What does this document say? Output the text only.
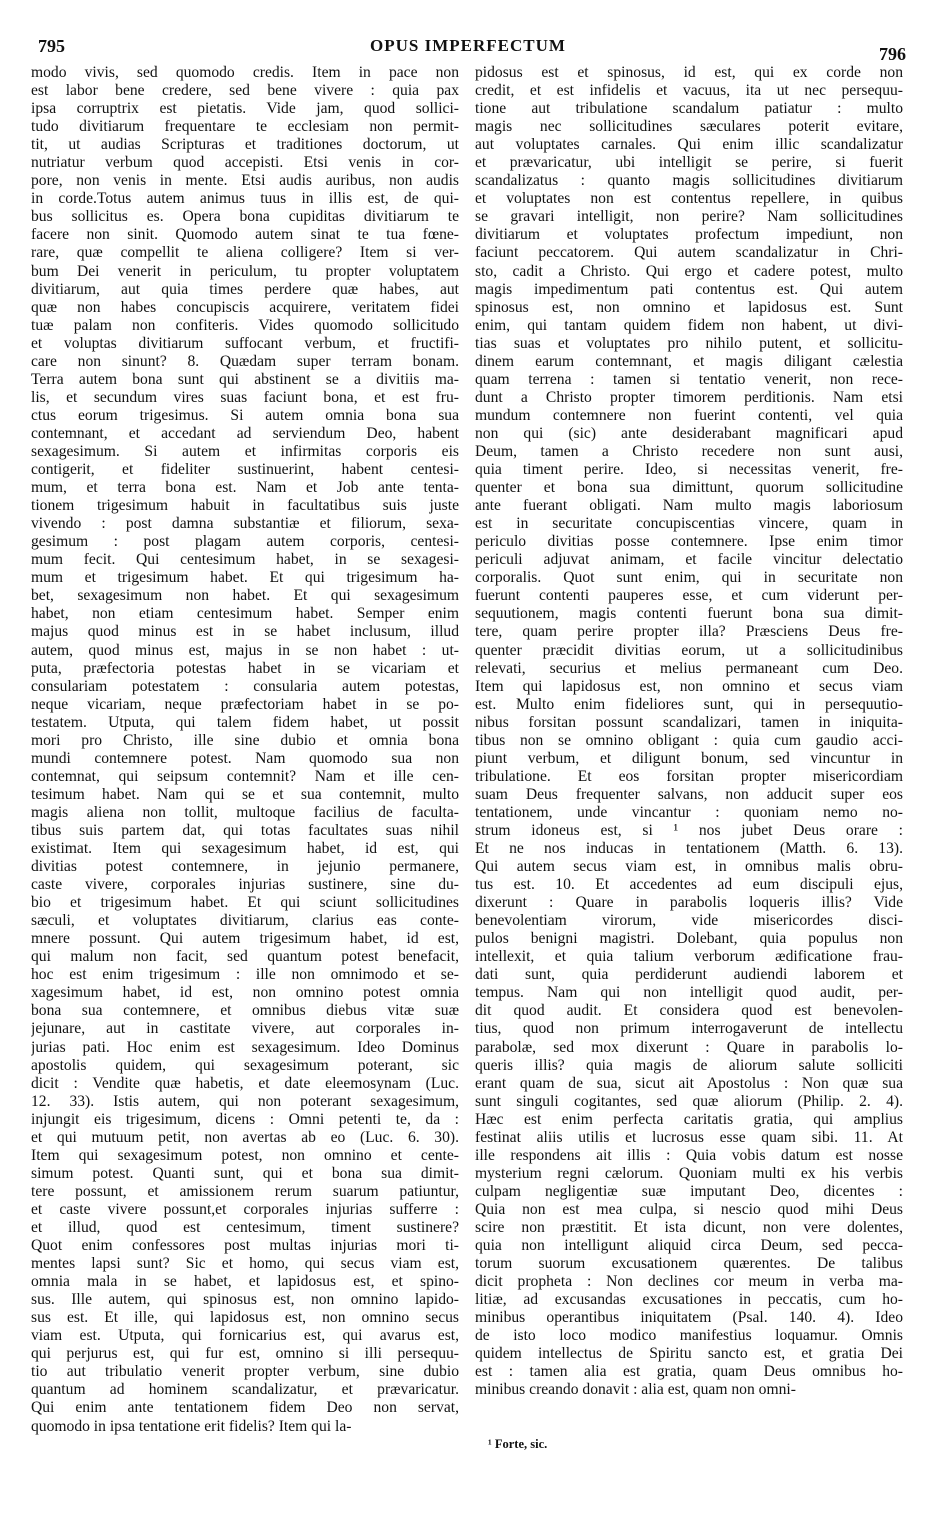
795	OPUS IMPERFECTUM	796
modo vivis, sed quomodo credis. Item in pace non
est labor bene credere, sed bene vivere : quia pax
ipsa corruptrix est pietatis. Vide jam, quod sollici-
tudo divitiarum frequentare te ecclesiam non permit-
tit, ut audias Scripturas et traditiones doctorum, ut
nutriatur verbum quod accepisti. Etsi venis in cor-
pore, non venis in mente. Etsi audis auribus, non audis
in corde.Totus autem animus tuus in illis est, de qui-
bus sollicitus es. Opera bona cupiditas divitiarum te
facere non sinit. Quomodo autem sinat te tua fœne-
rare, quæ compellit te aliena colligere? Item si ver-
bum Dei venerit in periculum, tu propter voluptatem
divitiarum, aut quia times perdere quæ habes, aut
quæ non habes concupiscis acquirere, veritatem fidei
tuæ palam non confiteris. Vides quomodo sollicitudo
et voluptas divitiarum suffocant verbum, et fructifi-
care non sinunt? 8. Quædam super terram bonam.
Terra autem bona sunt qui abstinent se a divitiis ma-
lis, et secundum vires suas faciunt bona, et est fru-
ctus eorum trigesimus. Si autem omnia bona sua
contemnant, et accedant ad serviendum Deo, habent
sexagesimum. Si autem et infirmitas corporis eis
contigerit, et fideliter sustinuerint, habent centesi-
mum, et terra bona est. Nam et Job ante tenta-
tionem trigesimum habuit in facultatibus suis juste
vivendo : post damna substantiæ et filiorum, sexa-
gesimum : post plagam autem corporis, centesi-
mum fecit. Qui centesimum habet, in se sexagesi-
mum et trigesimum habet. Et qui trigesimum ha-
bet, sexagesimum non habet. Et qui sexagesimum
habet, non etiam centesimum habet. Semper enim
majus quod minus est in se habet inclusum, illud
autem, quod minus est, majus in se non habet : ut-
puta, præfectoria potestas habet in se vicariam et
consulariam potestatem : consularia autem potestas,
neque vicariam, neque præfectoriam habet in se po-
testatem. Utputa, qui talem fidem habet, ut possit
mori pro Christo, ille sine dubio et omnia bona
mundi contemnere potest. Nam quomodo sua non
contemnat, qui seipsum contemnit? Nam et ille cen-
tesimum habet. Nam qui se et sua contemnit, multo
magis aliena non tollit, multoque facilius de faculta-
tibus suis partem dat, qui totas facultates suas nihil
existimat. Item qui sexagesimum habet, id est, qui
divitias potest contemnere, in jejunio permanere,
caste vivere, corporales injurias sustinere, sine du-
bio et trigesimum habet. Et qui sciunt sollicitudines
sæculi, et voluptates divitiarum, clarius eas conte-
mnere possunt. Qui autem trigesimum habet, id est,
qui malum non facit, sed quantum potest benefacit,
hoc est enim trigesimum : ille non omnimodo et se-
xagesimum habet, id est, non omnino potest omnia
bona sua contemnere, et omnibus diebus vitæ suæ
jejunare, aut in castitate vivere, aut corporales in-
jurias pati. Hoc enim est sexagesimum. Ideo Dominus
apostolis quidem, qui sexagesimum poterant, sic
dicit : Vendite quæ habetis, et date eleemosynam (Luc.
12. 33). Istis autem, qui non poterant sexagesimum,
injungit eis trigesimum, dicens : Omni petenti te, da :
et qui mutuum petit, non avertas ab eo (Luc. 6. 30).
Item qui sexagesimum potest, non omnino et cente-
simum potest. Quanti sunt, qui et bona sua dimit-
tere possunt, et amissionem rerum suarum patiuntur,
et caste vivere possunt,et corporales injurias sufferre :
et illud, quod est centesimum, timent sustinere?
Quot enim confessores post multas injurias mori ti-
mentes lapsi sunt? Sic et homo, qui secus viam est,
omnia mala in se habet, et lapidosus est, et spino-
sus. Ille autem, qui spinosus est, non omnino lapido-
sus est. Et ille, qui lapidosus est, non omnino secus
viam est. Utputa, qui fornicarius est, qui avarus est,
qui perjurus est, qui fur est, omnino si illi persequu-
tio aut tribulatio venerit propter verbum, sine dubio
quantum ad hominem scandalizatur, et prævaricatur.
Qui enim ante tentationem fidem Deo non servat,
quomodo in ipsa tentatione erit fidelis? Item qui la-
pidosus est et spinosus, id est, qui ex corde non
credit, et est infidelis et vacuus, ita ut nec persequu-
tione aut tribulatione scandalum patiatur : multo
magis nec sollicitudines sæculares poterit evitare,
aut voluptates carnales. Qui enim illic scandalizatur
et prævaricatur, ubi intelligit se perire, si fuerit
scandalizatus : quanto magis sollicitudines divitiarum
et voluptates non est contentus repellere, in quibus
se gravari intelligit, non perire? Nam sollicitudines
divitiarum et voluptates profectum impediunt, non
faciunt peccatorem. Qui autem scandalizatur in Chri-
sto, cadit a Christo. Qui ergo et cadere potest, multo
magis impedimentum pati contentus est. Qui autem
spinosus est, non omnino et lapidosus est. Sunt
enim, qui tantam quidem fidem non habent, ut divi-
tias suas et voluptates pro nihilo putent, et sollicitu-
dinem earum contemnant, et magis diligant cælestia
quam terrena : tamen si tentatio venerit, non rece-
dunt a Christo propter timorem perditionis. Nam etsi
mundum contemnere non fuerint contenti, vel quia
non qui (sic) ante desiderabant magnificari apud
Deum, tamen a Christo recedere non sunt ausi,
quia timent perire. Ideo, si necessitas venerit, fre-
quenter et bona sua dimittunt, quorum sollicitudine
ante fuerant obligati. Nam multo magis laboriosum
est in securitate concupiscentias vincere, quam in
periculo divitias posse contemnere. Ipse enim timor
periculi adjuvat animam, et facile vincitur delectatio
corporalis. Quot sunt enim, qui in securitate non
fuerunt contenti pauperes esse, et cum viderunt per-
sequutionem, magis contenti fuerunt bona sua dimit-
tere, quam perire propter illa? Præsciens Deus fre-
quenter præcidit divitias eorum, ut a sollicitudinibus
relevati, securius et melius permaneant cum Deo.
Item qui lapidosus est, non omnino et secus viam
est. Multo enim fideliores sunt, qui in persequutio-
nibus forsitan possunt scandalizari, tamen in iniquita-
tibus non se omnino obligant : quia cum gaudio acci-
piunt verbum, et diligunt bonum, sed vincuntur in
tribulatione. Et eos forsitan propter misericordiam
suam Deus frequenter salvans, non adducit super eos
tentationem, unde vincantur : quoniam nemo no-
strum idoneus est, si ¹ nos jubet Deus orare :
Et ne nos inducas in tentationem (Matth. 6. 13).
Qui autem secus viam est, in omnibus malis obru-
tus est. 10. Et accedentes ad eum discipuli ejus,
dixerunt : Quare in parabolis loqueris illis? Vide
benevolentiam virorum, vide misericordes disci-
pulos benigni magistri. Dolebant, quia populus non
intellexit, et quia talium verborum ædificatione frau-
dati sunt, quia perdiderunt audiendi laborem et
tempus. Nam qui non intelligit quod audit, per-
dit quod audit. Et considera quod est benevolen-
tius, quod non primum interrogaverunt de intellectu
parabolæ, sed mox dixerunt : Quare in parabolis lo-
queris illis? quia magis de aliorum salute solliciti
erant quam de sua, sicut ait Apostolus : Non quæ sua
sunt singuli cogitantes, sed quæ aliorum (Philip. 2. 4).
Hæc est enim perfecta caritatis gratia, qui amplius
festinat aliis utilis et lucrosus esse quam sibi. 11. At
ille respondens ait illis : Quia vobis datum est nosse
mysterium regni cælorum. Quoniam multi ex his verbis
culpam negligentiæ suæ imputant Deo, dicentes :
Quia non est mea culpa, si nescio quod mihi Deus
scire non præstitit. Et ista dicunt, non vere dolentes,
quia non intelligunt aliquid circa Deum, sed pecca-
torum suorum excusationem quærentes. De talibus
dicit propheta : Non declines cor meum in verba ma-
litiæ, ad excusandas excusationes in peccatis, cum ho-
minibus operantibus iniquitatem (Psal. 140. 4). Ideo
de isto loco modico manifestius loquamur. Omnis
quidem intellectus de Spiritu sancto est, et gratia Dei
est : tamen alia est gratia, quam Deus omnibus ho-
minibus creando donavit : alia est, quam non omni-
¹ Forte, sic.
